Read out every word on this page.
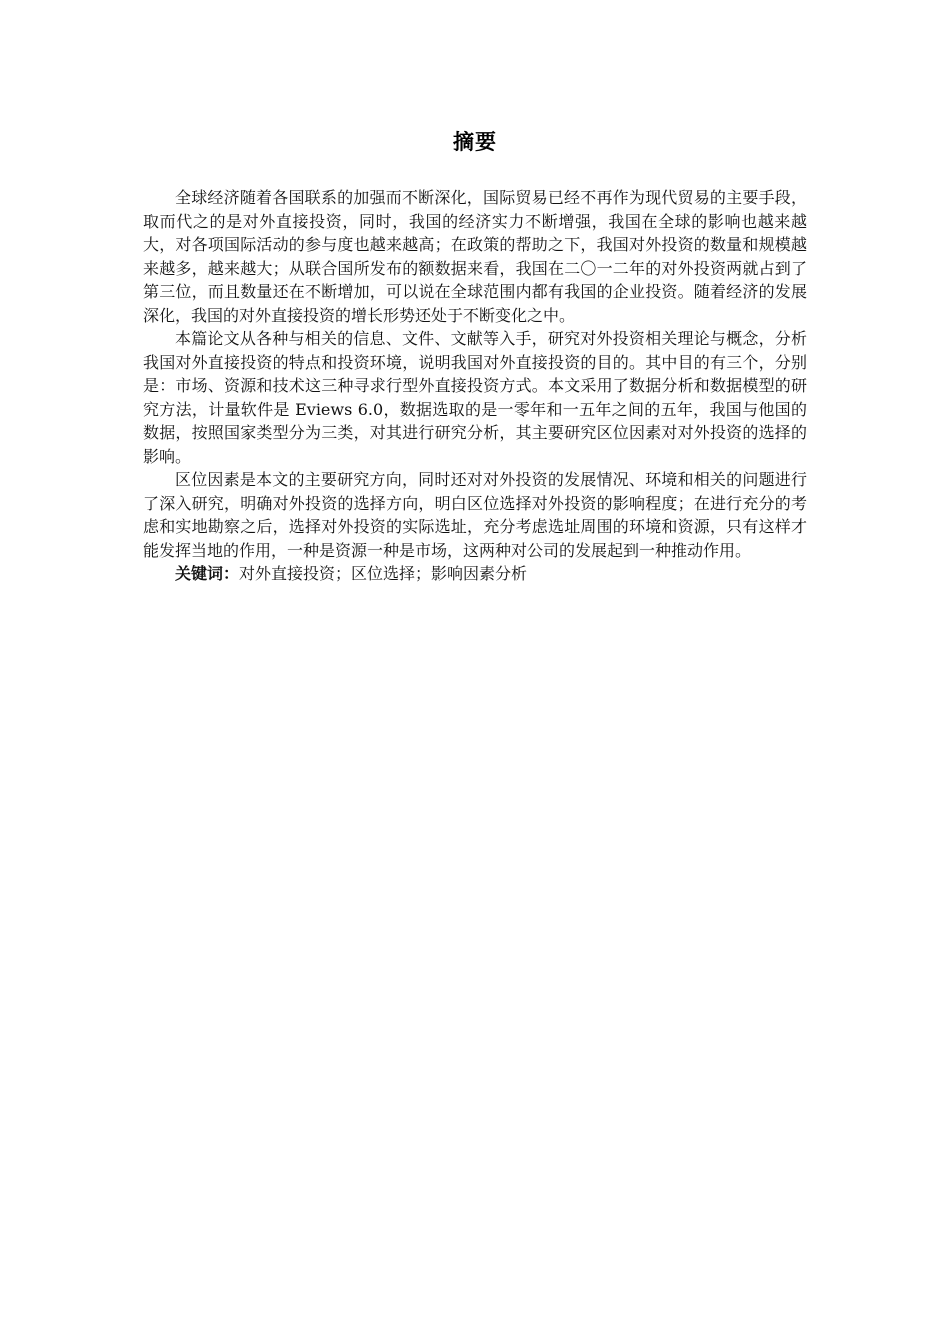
摘要

全球经济随着各国联系的加强而不断深化，国际贸易已经不再作为现代贸易的主要手段，取而代之的是对外直接投资，同时，我国的经济实力不断增强，我国在全球的影响也越来越大，对各项国际活动的参与度也越来越高；在政策的帮助之下，我国对外投资的数量和规模越来越多，越来越大；从联合国所发布的额数据来看，我国在二〇一二年的对外投资两就占到了第三位，而且数量还在不断增加，可以说在全球范围内都有我国的企业投资。随着经济的发展深化，我国的对外直接投资的增长形势还处于不断变化之中。

本篇论文从各种与相关的信息、文件、文献等入手，研究对外投资相关理论与概念，分析我国对外直接投资的特点和投资环境，说明我国对外直接投资的目的。其中目的有三个，分别是：市场、资源和技术这三种寻求行型外直接投资方式。本文采用了数据分析和数据模型的研究方法，计量软件是 Eviews 6.0，数据选取的是一零年和一五年之间的五年，我国与他国的数据，按照国家类型分为三类，对其进行研究分析，其主要研究区位因素对对外投资的选择的影响。

区位因素是本文的主要研究方向，同时还对对外投资的发展情况、环境和相关的问题进行了深入研究，明确对外投资的选择方向，明白区位选择对外投资的影响程度；在进行充分的考虑和实地勘察之后，选择对外投资的实际选址，充分考虑选址周围的环境和资源，只有这样才能发挥当地的作用，一种是资源一种是市场，这两种对公司的发展起到一种推动作用。

关键词：对外直接投资；区位选择；影响因素分析
